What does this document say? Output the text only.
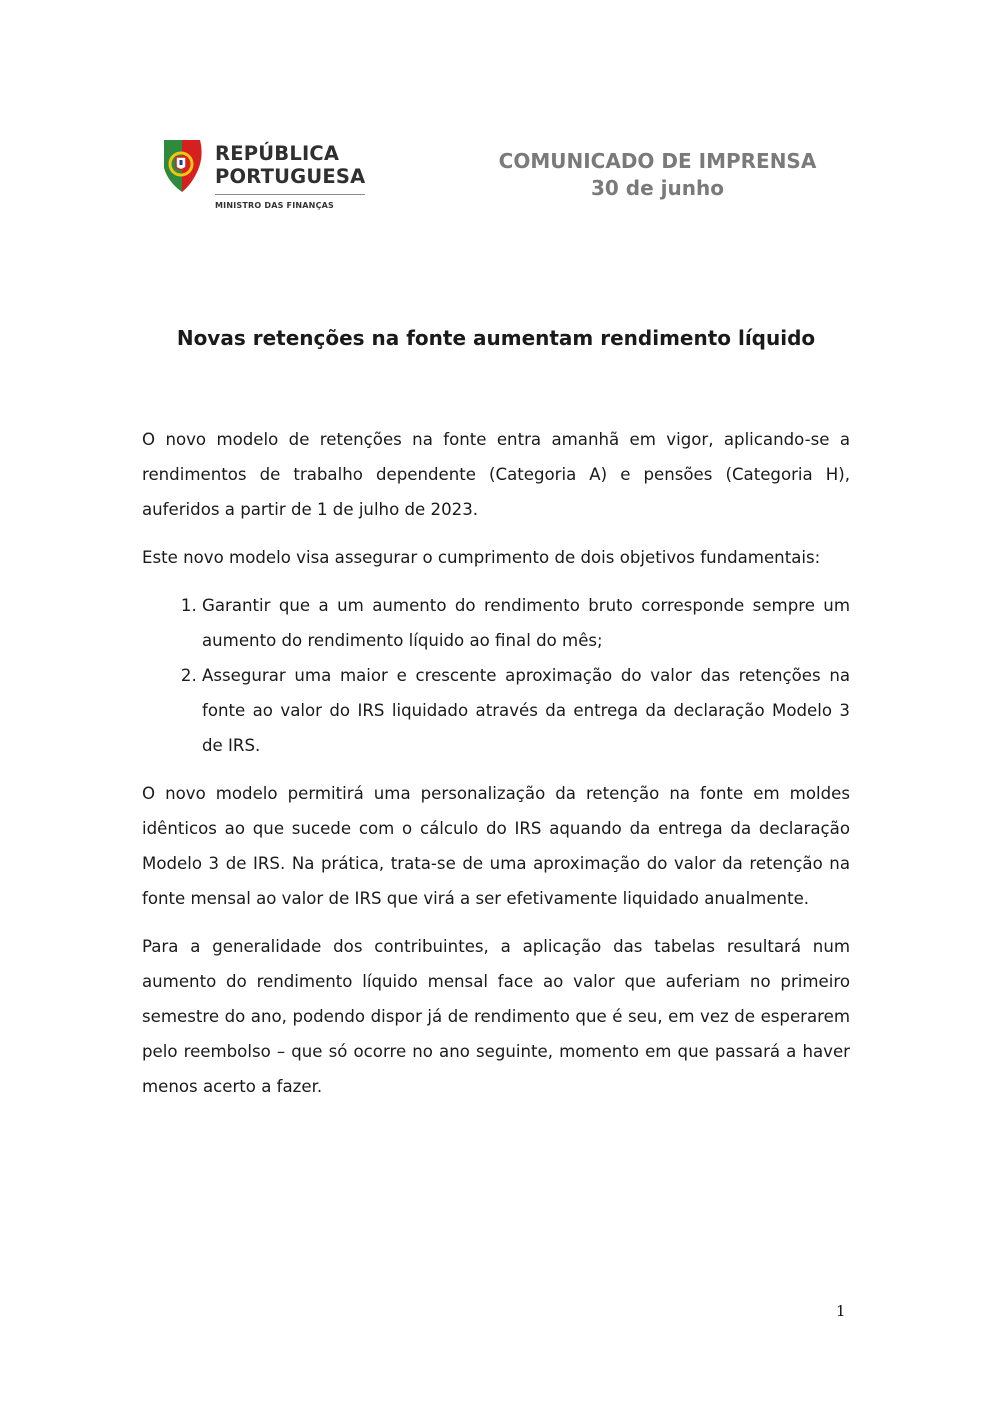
REPÚBLICA
PORTUGUESA
MINISTRO DAS FINANÇAS
COMUNICADO DE IMPRENSA
30 de junho
Novas retenções na fonte aumentam rendimento líquido

O novo modelo de retenções na fonte entra amanhã em vigor, aplicando-se a rendimentos de trabalho dependente (Categoria A) e pensões (Categoria H), auferidos a partir de 1 de julho de 2023.

Este novo modelo visa assegurar o cumprimento de dois objetivos fundamentais:

1. Garantir que a um aumento do rendimento bruto corresponde sempre um aumento do rendimento líquido ao final do mês;
2. Assegurar uma maior e crescente aproximação do valor das retenções na fonte ao valor do IRS liquidado através da entrega da declaração Modelo 3 de IRS.

O novo modelo permitirá uma personalização da retenção na fonte em moldes idênticos ao que sucede com o cálculo do IRS aquando da entrega da declaração Modelo 3 de IRS. Na prática, trata-se de uma aproximação do valor da retenção na fonte mensal ao valor de IRS que virá a ser efetivamente liquidado anualmente.

Para a generalidade dos contribuintes, a aplicação das tabelas resultará num aumento do rendimento líquido mensal face ao valor que auferiam no primeiro semestre do ano, podendo dispor já de rendimento que é seu, em vez de esperarem pelo reembolso – que só ocorre no ano seguinte, momento em que passará a haver menos acerto a fazer.

1
